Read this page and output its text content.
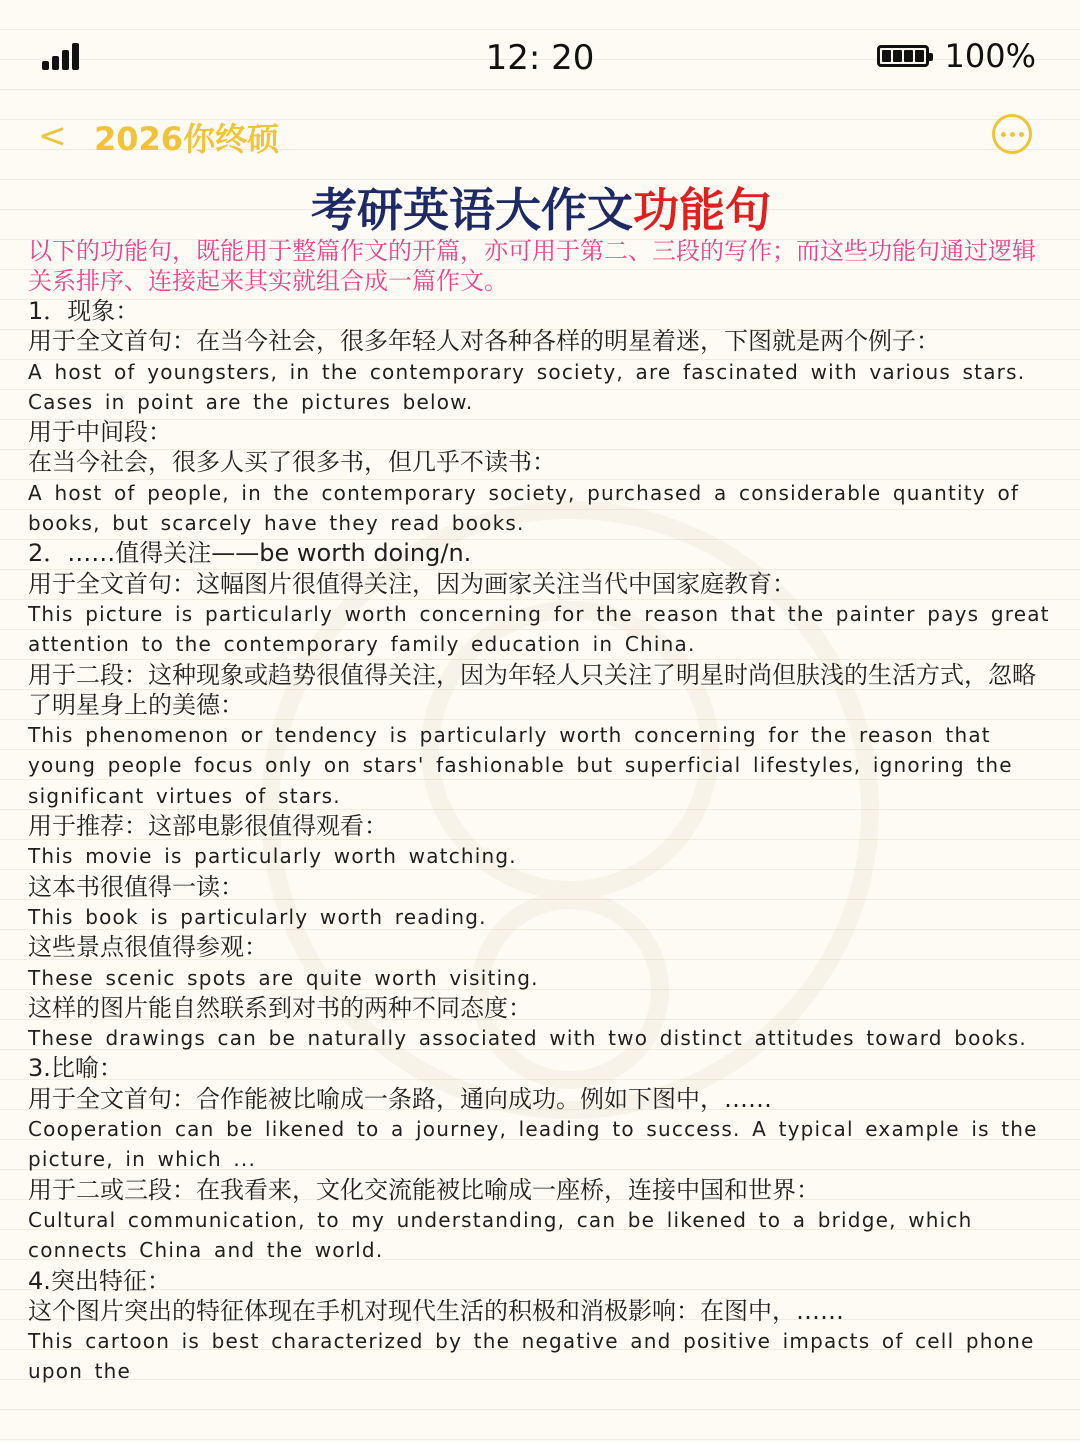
12: 20	100%
< 2026你终硕
考研英语大作文功能句
以下的功能句，既能用于整篇作文的开篇，亦可用于第二、三段的写作；而这些功能句通过逻辑关系排序、连接起来其实就组合成一篇作文。
1．现象：
用于全文首句：在当今社会，很多年轻人对各种各样的明星着迷，下图就是两个例子：
A host of youngsters, in the contemporary society, are fascinated with various stars. Cases in point are the pictures below.
用于中间段：
在当今社会，很多人买了很多书，但几乎不读书：
A host of people, in the contemporary society, purchased a considerable quantity of books, but scarcely have they read books.
2．……值得关注——be worth doing/n.
用于全文首句：这幅图片很值得关注，因为画家关注当代中国家庭教育：
This picture is particularly worth concerning for the reason that the painter pays great attention to the contemporary family education in China.
用于二段：这种现象或趋势很值得关注，因为年轻人只关注了明星时尚但肤浅的生活方式，忽略了明星身上的美德：
This phenomenon or tendency is particularly worth concerning for the reason that young people focus only on stars' fashionable but superficial lifestyles, ignoring the significant virtues of stars.
用于推荐：这部电影很值得观看：
This movie is particularly worth watching.
这本书很值得一读：
This book is particularly worth reading.
这些景点很值得参观：
These scenic spots are quite worth visiting.
这样的图片能自然联系到对书的两种不同态度：
These drawings can be naturally associated with two distinct attitudes toward books.
3.比喻：
用于全文首句：合作能被比喻成一条路，通向成功。例如下图中，……
Cooperation can be likened to a journey, leading to success. A typical example is the picture, in which ...
用于二或三段：在我看来，文化交流能被比喻成一座桥，连接中国和世界：
Cultural communication, to my understanding, can be likened to a bridge, which connects China and the world.
4.突出特征：
这个图片突出的特征体现在手机对现代生活的积极和消极影响：在图中，……
This cartoon is best characterized by the negative and positive impacts of cell phone upon the
